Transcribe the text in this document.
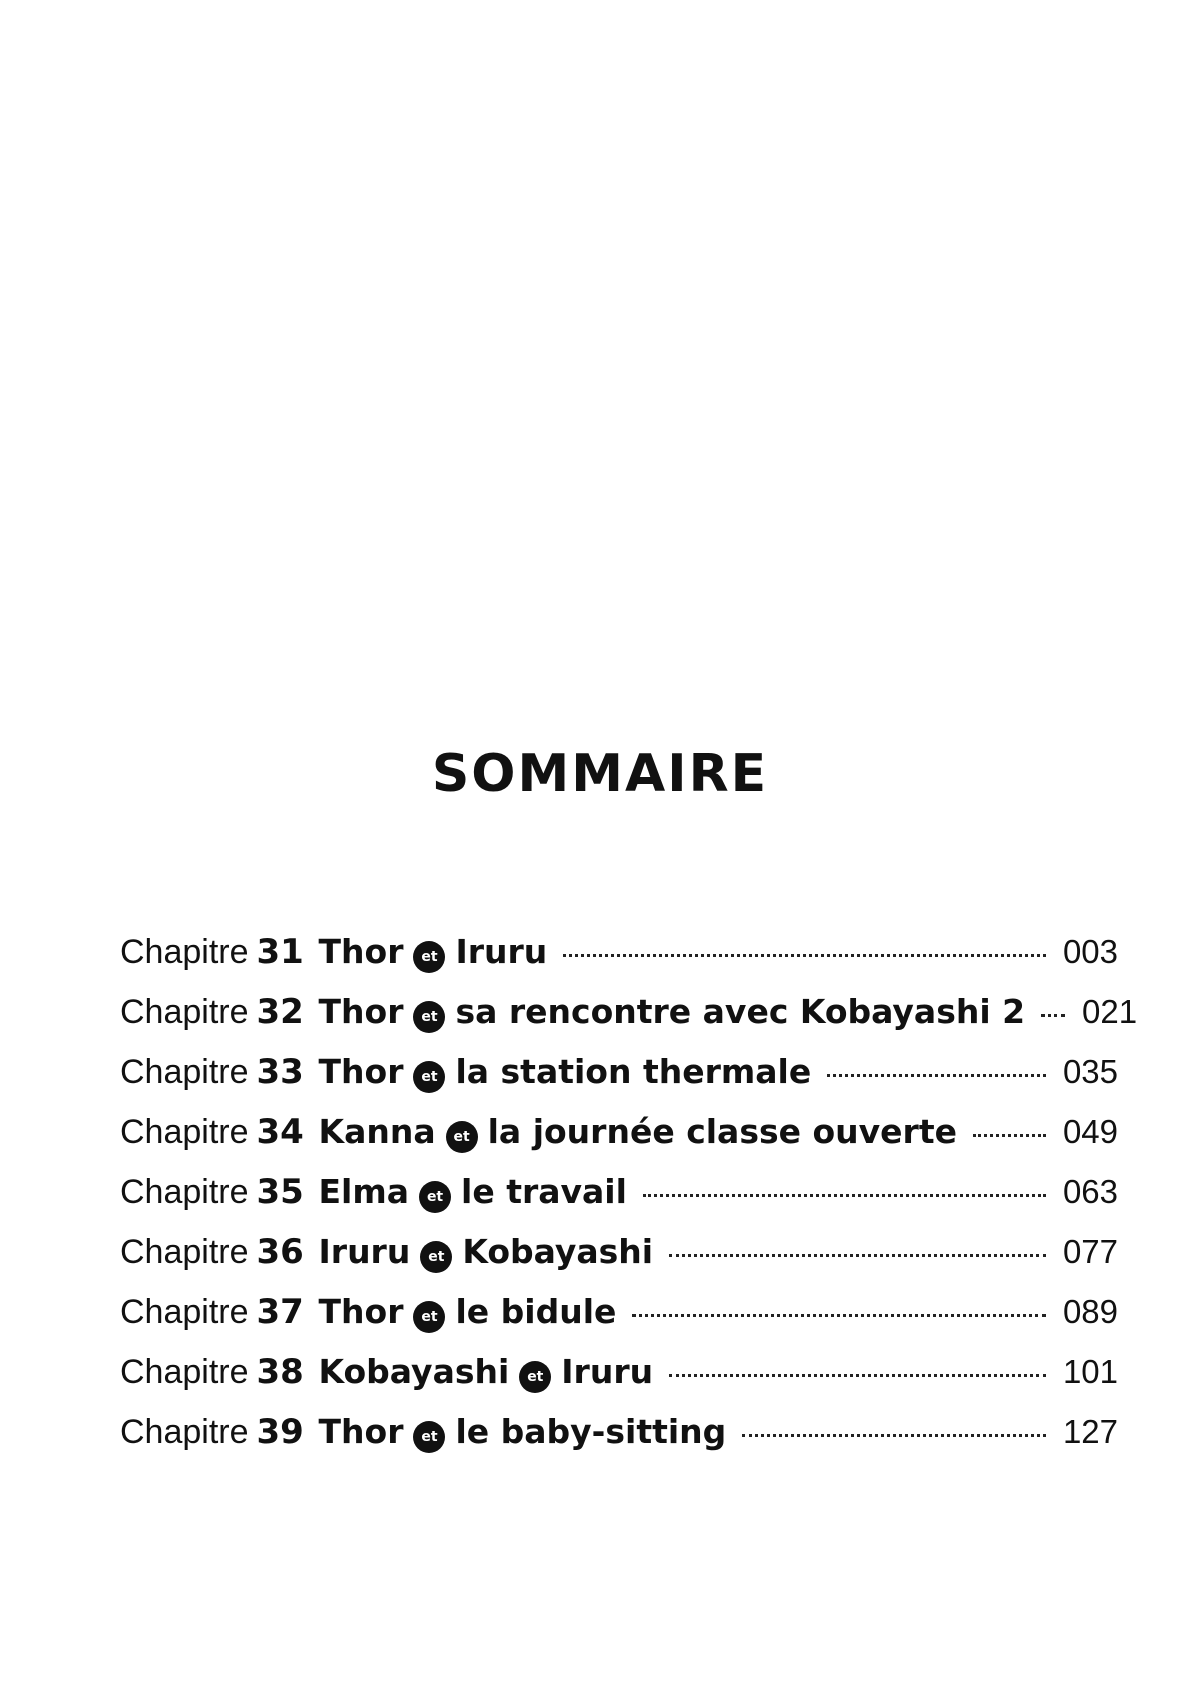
SOMMAIRE
Chapitre 31 Thor	et Iruru	003
Chapitre 32 Thor	et sa rencontre avec Kobayashi 2 021
Chapitre 33 Thor	et la station thermale	035
Chapitre 34 Kanna	et la journée classe ouverte	049
Chapitre 35 Elma	et le travail	063
Chapitre 36 Iruru	et Kobayashi	077
Chapitre 37 Thor	et le bidule	089
Chapitre 38 Kobayashi	et Iruru	101
Chapitre 39 Thor	et le baby-sitting	127
